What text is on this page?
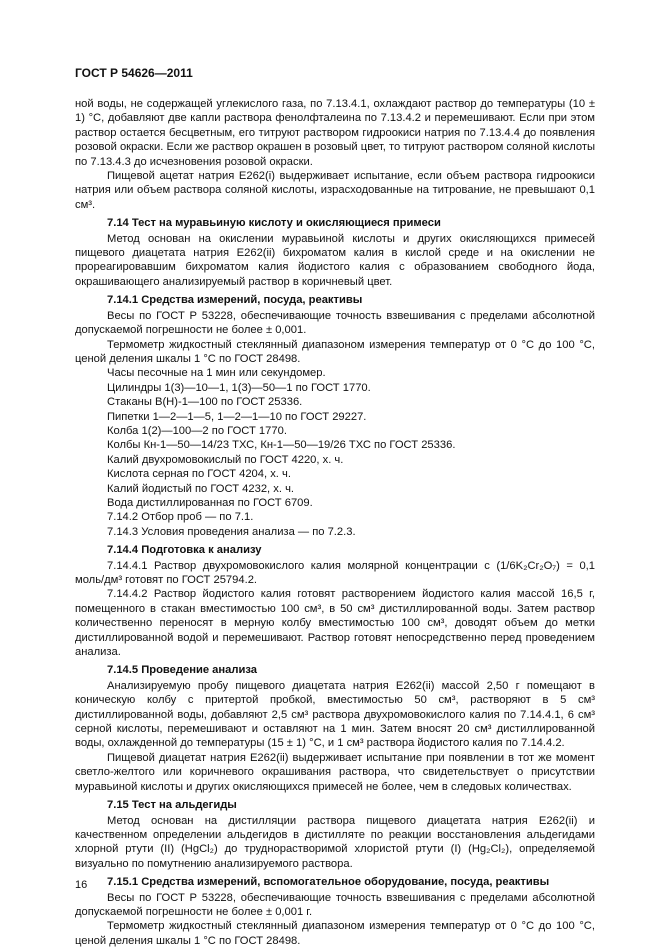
ГОСТ Р 54626—2011

ной воды, не содержащей углекислого газа, по 7.13.4.1, охлаждают раствор до температуры (10 ± 1) °С, добавляют две капли раствора фенолфталеина по 7.13.4.2 и перемешивают. Если при этом раствор остается бесцветным, его титруют раствором гидроокиси натрия по 7.13.4.4 до появления розовой окраски. Если же раствор окрашен в розовый цвет, то титруют раствором соляной кислоты по 7.13.4.3 до исчезновения розовой окраски.

Пищевой ацетат натрия Е262(i) выдерживает испытание, если объем раствора гидроокиси натрия или объем раствора соляной кислоты, израсходованные на титрование, не превышают 0,1 см³.

7.14 Тест на муравьиную кислоту и окисляющиеся примеси

Метод основан на окислении муравьиной кислоты и других окисляющихся примесей пищевого диацетата натрия Е262(ii) бихроматом калия в кислой среде и на окислении не прореагировавшим бихроматом калия йодистого калия с образованием свободного йода, окрашивающего анализируемый раствор в коричневый цвет.

7.14.1 Средства измерений, посуда, реактивы

Весы по ГОСТ Р 53228, обеспечивающие точность взвешивания с пределами абсолютной допускаемой погрешности не более ± 0,001.

Термометр жидкостный стеклянный диапазоном измерения температур от 0 °С до 100 °С, ценой деления шкалы 1 °С по ГОСТ 28498.

Часы песочные на 1 мин или секундомер.

Цилиндры 1(3)—10—1, 1(3)—50—1 по ГОСТ 1770.

Стаканы В(Н)-1—100 по ГОСТ 25336.

Пипетки 1—2—1—5, 1—2—1—10 по ГОСТ 29227.

Колба 1(2)—100—2 по ГОСТ 1770.

Колбы Кн-1—50—14/23 ТХС, Кн-1—50—19/26 ТХС по ГОСТ 25336.

Калий двухромовокислый по ГОСТ 4220, х. ч.

Кислота серная по ГОСТ 4204, х. ч.

Калий йодистый по ГОСТ 4232, х. ч.

Вода дистиллированная по ГОСТ 6709.

7.14.2 Отбор проб — по 7.1.

7.14.3 Условия проведения анализа — по 7.2.3.

7.14.4 Подготовка к анализу

7.14.4.1 Раствор двухромовокислого калия молярной концентрации с (1/6K₂Cr₂O₇) = 0,1 моль/дм³ готовят по ГОСТ 25794.2.

7.14.4.2 Раствор йодистого калия готовят растворением йодистого калия массой 16,5 г, помещенного в стакан вместимостью 100 см³, в 50 см³ дистиллированной воды. Затем раствор количественно переносят в мерную колбу вместимостью 100 см³, доводят объем до метки дистиллированной водой и перемешивают. Раствор готовят непосредственно перед проведением анализа.

7.14.5 Проведение анализа

Анализируемую пробу пищевого диацетата натрия Е262(ii) массой 2,50 г помещают в коническую колбу с притертой пробкой, вместимостью 50 см³, растворяют в 5 см³ дистиллированной воды, добавляют 2,5 см³ раствора двухромовокислого калия по 7.14.4.1, 6 см³ серной кислоты, перемешивают и оставляют на 1 мин. Затем вносят 20 см³ дистиллированной воды, охлажденной до температуры (15 ± 1) °С, и 1 см³ раствора йодистого калия по 7.14.4.2.

Пищевой диацетат натрия Е262(ii) выдерживает испытание при появлении в тот же момент светло-желтого или коричневого окрашивания раствора, что свидетельствует о присутствии муравьиной кислоты и других окисляющихся примесей не более, чем в следовых количествах.

7.15 Тест на альдегиды

Метод основан на дистилляции раствора пищевого диацетата натрия Е262(ii) и качественном определении альдегидов в дистилляте по реакции восстановления альдегидами хлорной ртути (II) (HgCl₂) до труднорастворимой хлористой ртути (I) (Hg₂Cl₂), определяемой визуально по помутнению анализируемого раствора.

7.15.1 Средства измерений, вспомогательное оборудование, посуда, реактивы

Весы по ГОСТ Р 53228, обеспечивающие точность взвешивания с пределами абсолютной допускаемой погрешности не более ± 0,001 г.

Термометр жидкостный стеклянный диапазоном измерения температур от 0 °С до 100 °С, ценой деления шкалы 1 °С по ГОСТ 28498.

16
